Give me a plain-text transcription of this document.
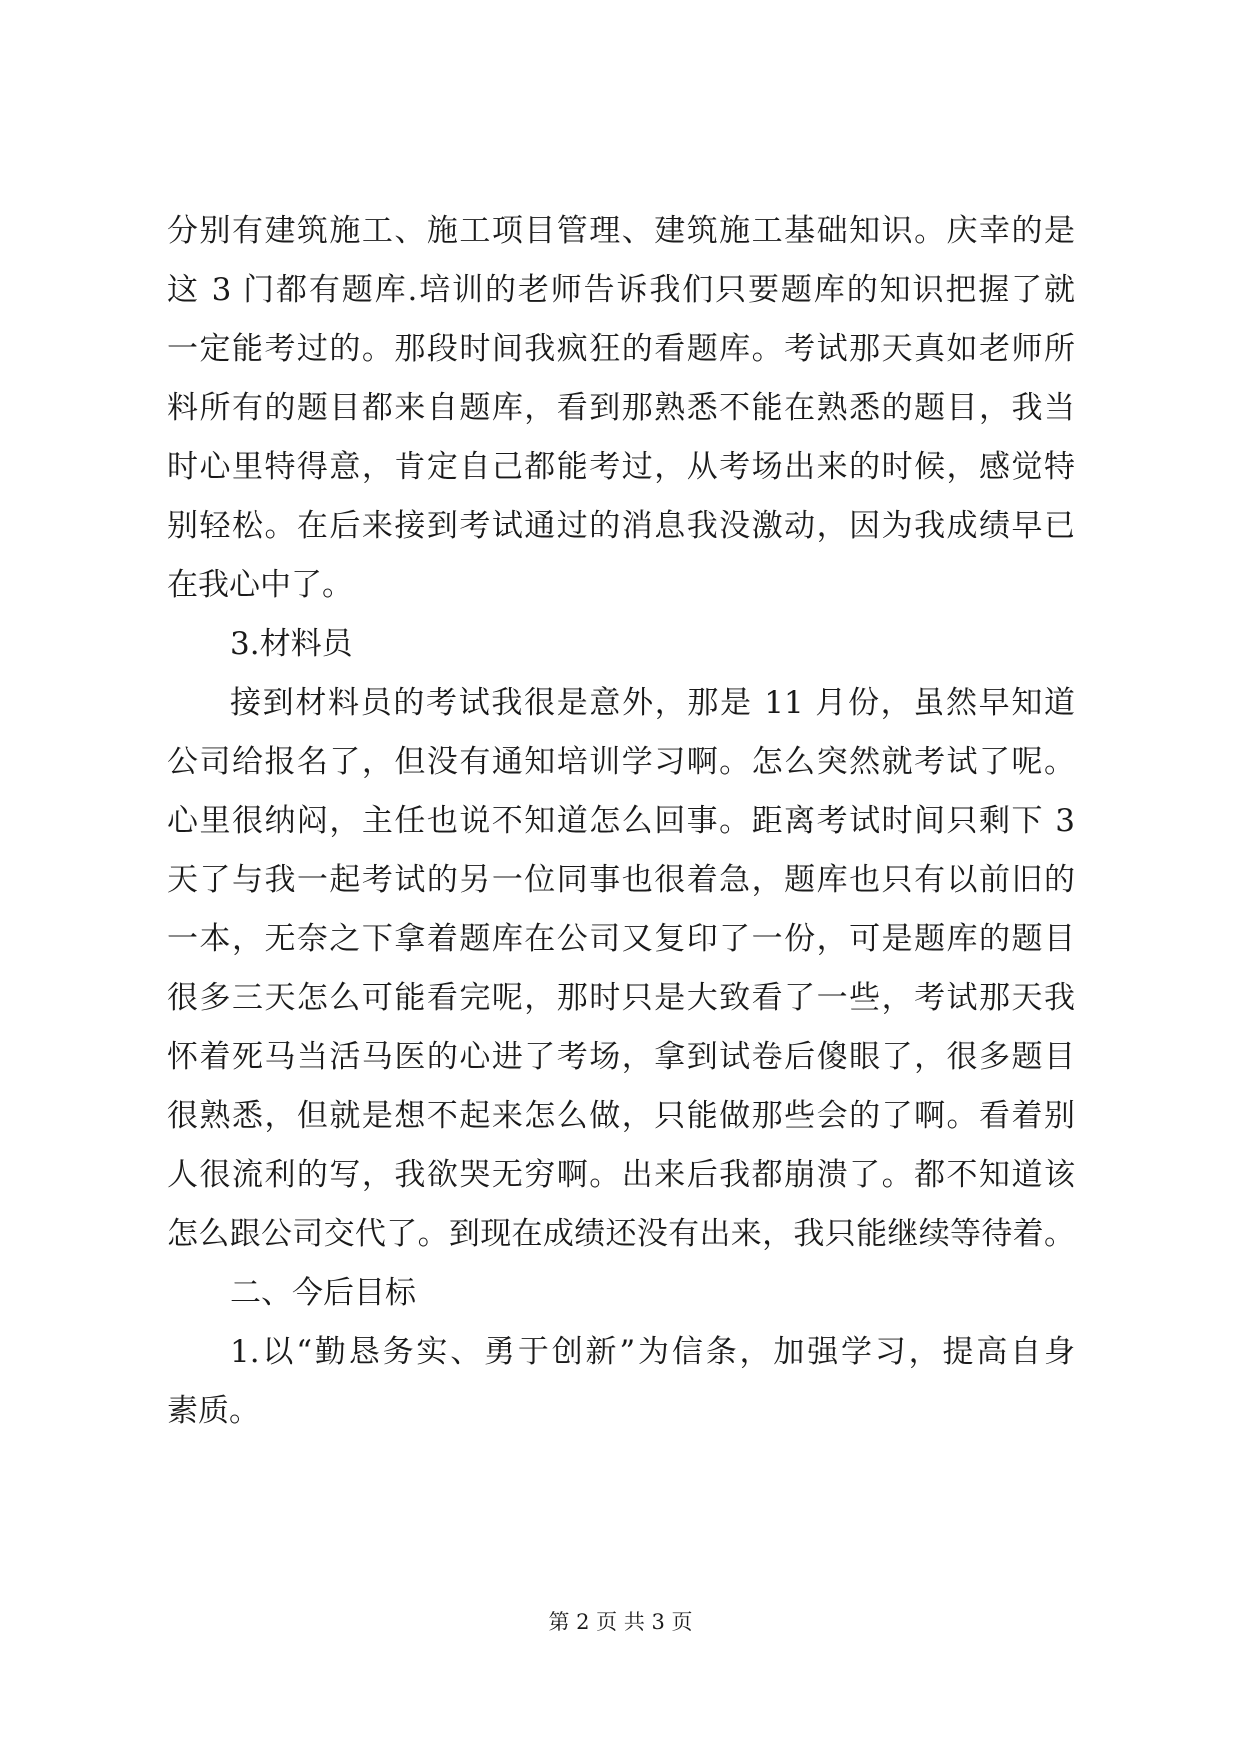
分别有建筑施工、施工项目管理、建筑施工基础知识。庆幸的是
这 3 门都有题库.培训的老师告诉我们只要题库的知识把握了就
一定能考过的。那段时间我疯狂的看题库。考试那天真如老师所
料所有的题目都来自题库，看到那熟悉不能在熟悉的题目，我当
时心里特得意，肯定自己都能考过，从考场出来的时候，感觉特
别轻松。在后来接到考试通过的消息我没激动，因为我成绩早已
在我心中了。
3.材料员
接到材料员的考试我很是意外，那是 11 月份，虽然早知道
公司给报名了，但没有通知培训学习啊。怎么突然就考试了呢。
心里很纳闷，主任也说不知道怎么回事。距离考试时间只剩下 3
天了与我一起考试的另一位同事也很着急，题库也只有以前旧的
一本，无奈之下拿着题库在公司又复印了一份，可是题库的题目
很多三天怎么可能看完呢，那时只是大致看了一些，考试那天我
怀着死马当活马医的心进了考场，拿到试卷后傻眼了，很多题目
很熟悉，但就是想不起来怎么做，只能做那些会的了啊。看着别
人很流利的写，我欲哭无穷啊。出来后我都崩溃了。都不知道该
怎么跟公司交代了。到现在成绩还没有出来，我只能继续等待着。
二、今后目标
1.以“勤恳务实、勇于创新”为信条，加强学习，提高自身
素质。
第 2 页 共 3 页
